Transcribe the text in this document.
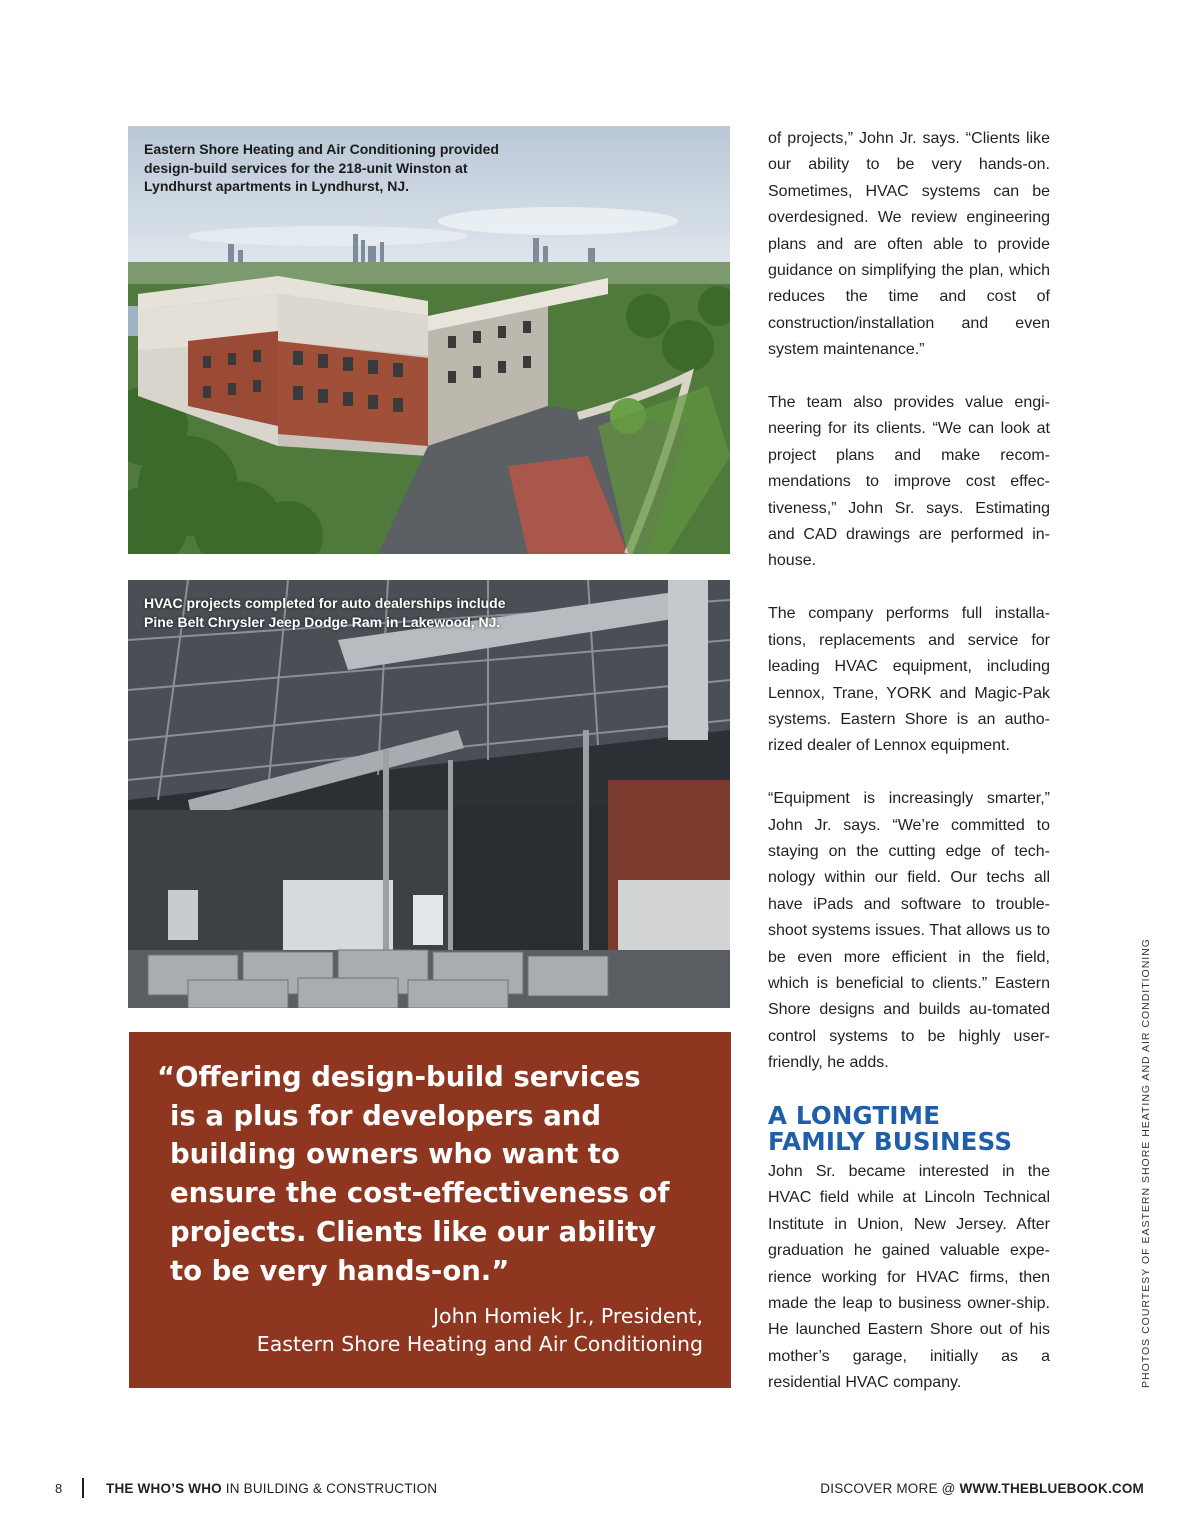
Eastern Shore Heating and Air Conditioning provided
design-build services for the 218-unit Winston at
Lyndhurst apartments in Lyndhurst, NJ.
HVAC projects completed for auto dealerships include
Pine Belt Chrysler Jeep Dodge Ram in Lakewood, NJ.
“Offering design-build services
is a plus for developers and
building owners who want to
ensure the cost-effectiveness of
projects. Clients like our ability
to be very hands-on.”
John Homiek Jr., President,
Eastern Shore Heating and Air Conditioning

of projects,” John Jr. says. “Clients like our ability to be very hands-on. Sometimes, HVAC systems can be overdesigned. We review engineering plans and are often able to provide guidance on simplifying the plan, which reduces the time and cost of construction/installation and even system maintenance.”

The team also provides value engi-neering for its clients. “We can look at project plans and make recom-mendations to improve cost effec-tiveness,” John Sr. says. Estimating and CAD drawings are performed in-house.

The company performs full installa-tions, replacements and service for leading HVAC equipment, including Lennox, Trane, YORK and Magic-Pak systems. Eastern Shore is an autho-rized dealer of Lennox equipment.

“Equipment is increasingly smarter,” John Jr. says. “We’re committed to staying on the cutting edge of tech-nology within our field. Our techs all have iPads and software to trouble-shoot systems issues. That allows us to be even more efficient in the field, which is beneficial to clients.” Eastern Shore designs and builds au-tomated control systems to be highly user-friendly, he adds.

A LONGTIME
FAMILY BUSINESS

John Sr. became interested in the HVAC field while at Lincoln Technical Institute in Union, New Jersey. After graduation he gained valuable expe-rience working for HVAC firms, then made the leap to business owner-ship. He launched Eastern Shore out of his mother’s garage, initially as a residential HVAC company.	PHOTOS COURTESY OF EASTERN SHORE HEATING AND AIR CONDITIONING
8	THE WHO’S WHO IN BUILDING & CONSTRUCTION	DISCOVER MORE @ WWW.THEBLUEBOOK.COM
